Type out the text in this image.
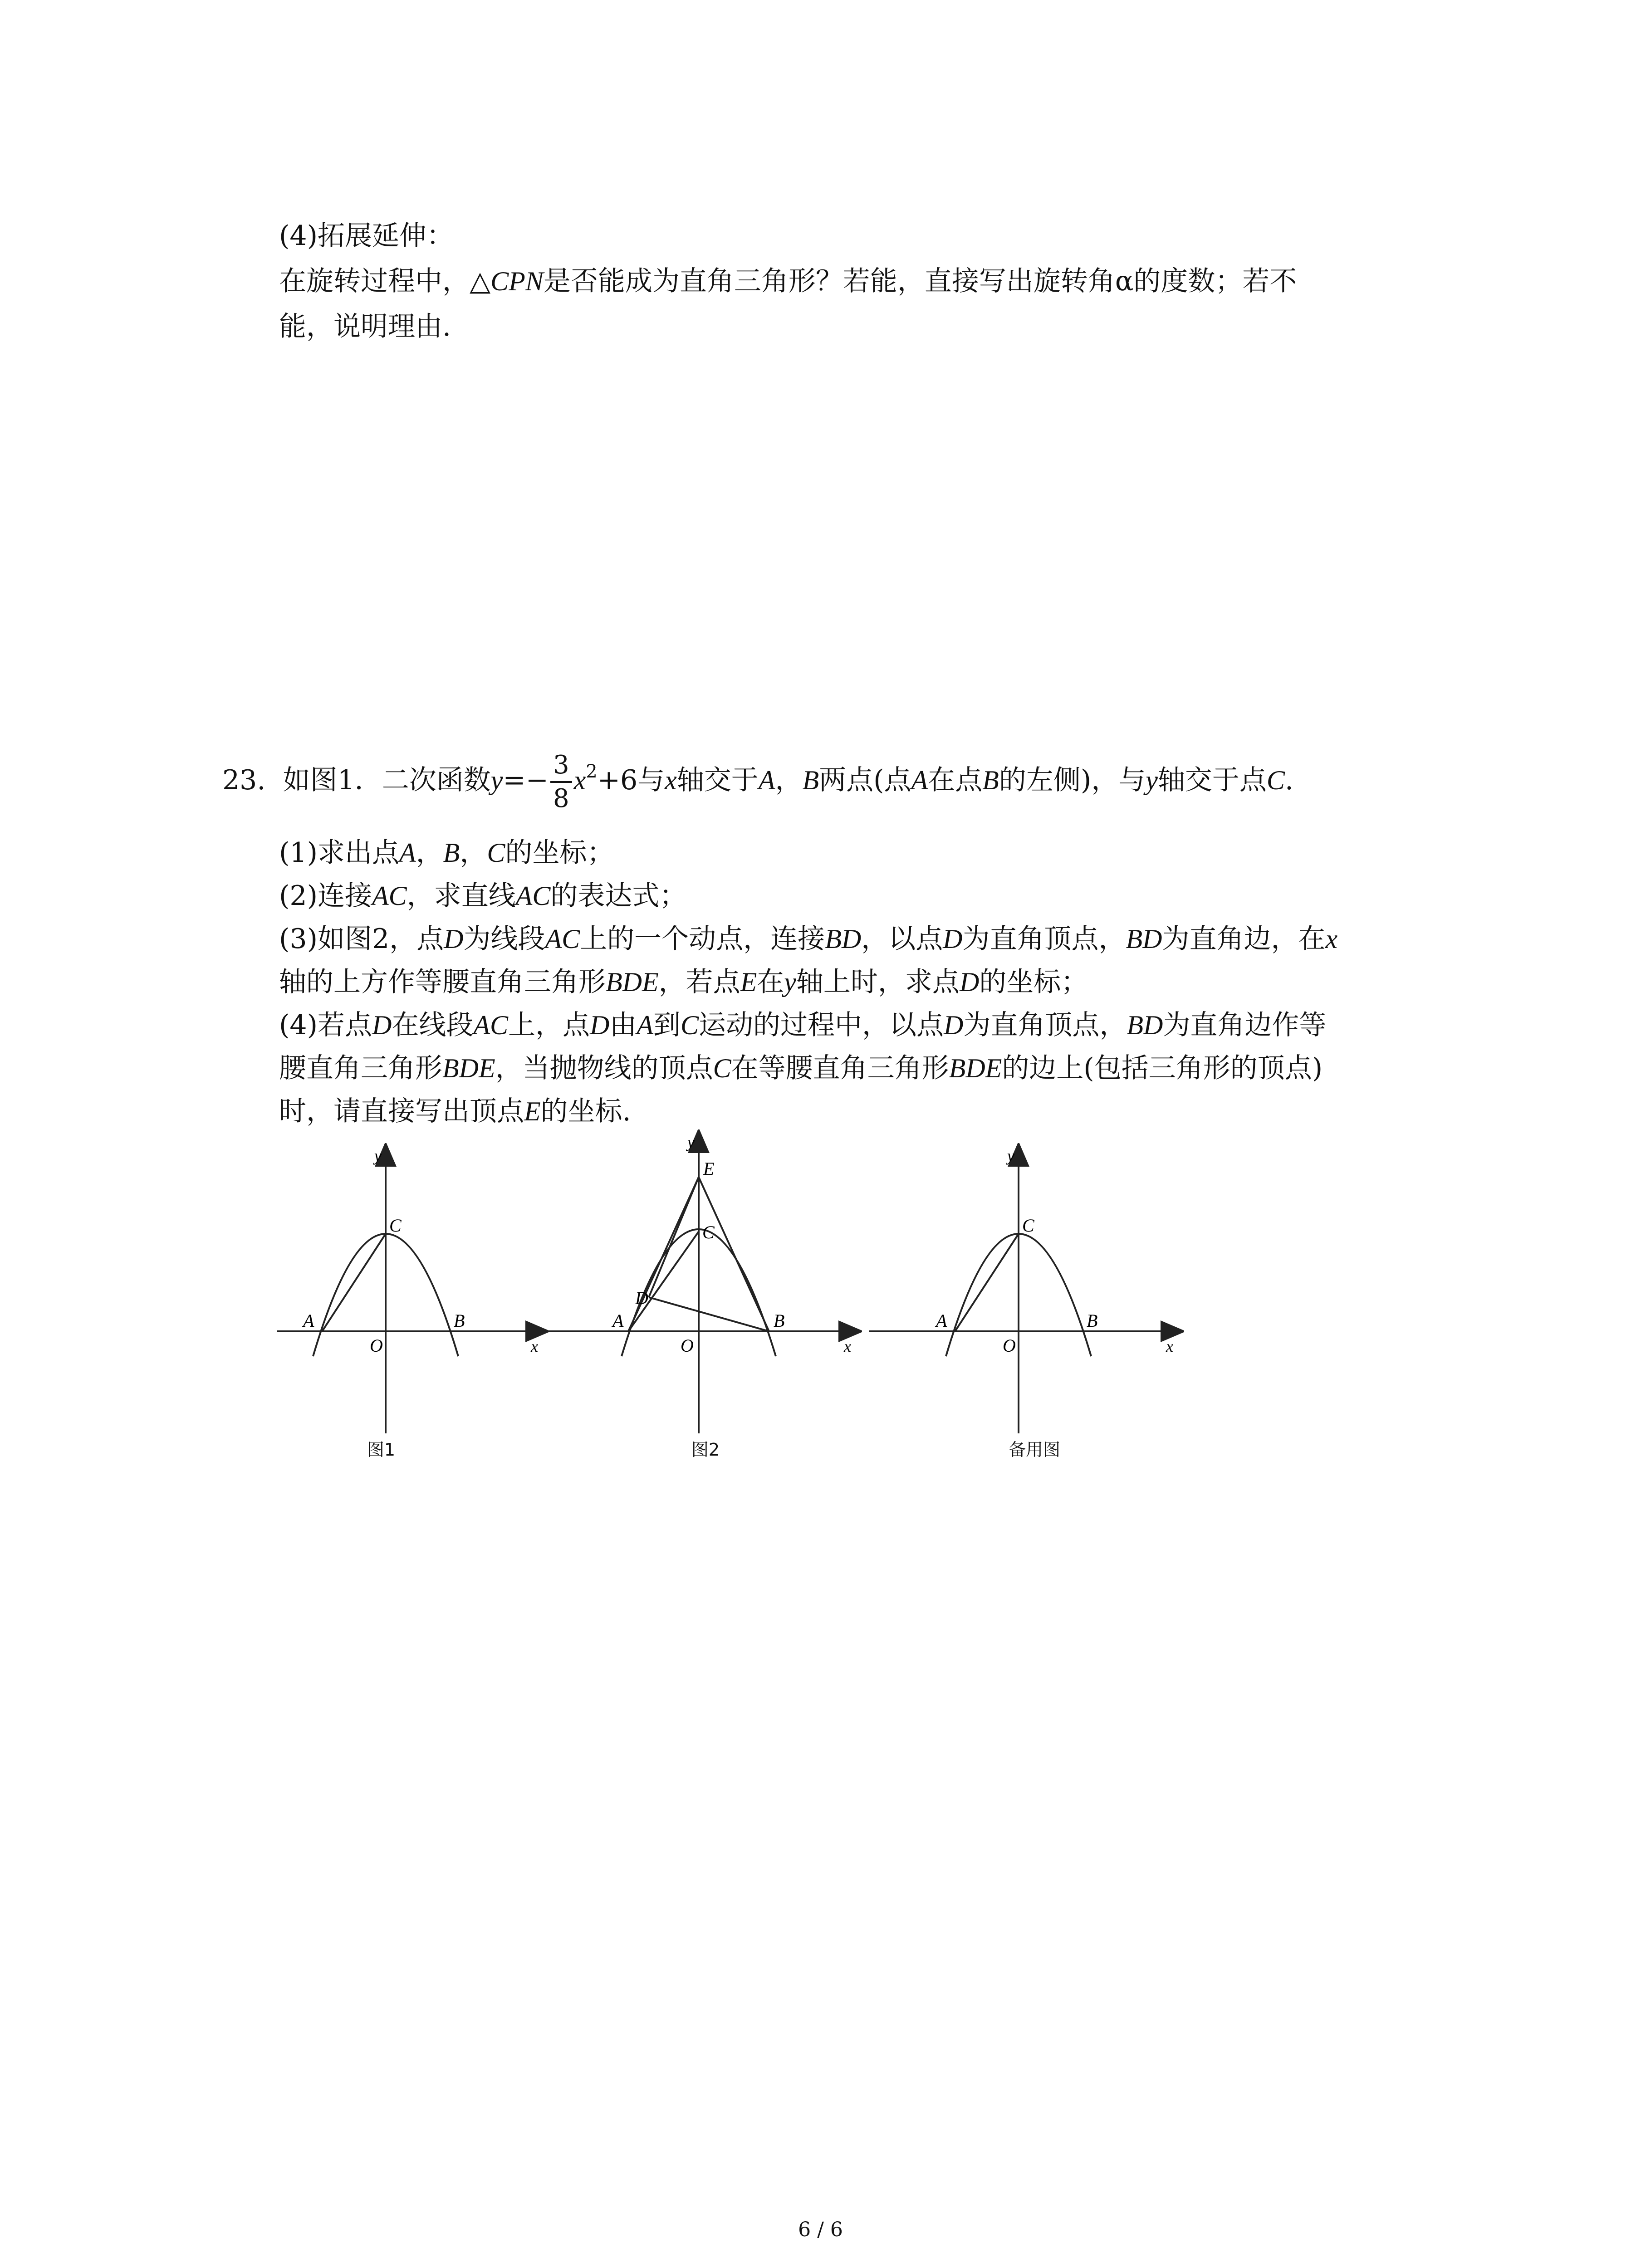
(4)拓展延伸：
在旋转过程中，△CPN是否能成为直角三角形？若能，直接写出旋转角α的度数；若不
能，说明理由.
23. 如图1．二次函数$y=- \frac{3}{8} x^2+6$与x轴交于A，B两点(点A在点B的左侧)，与y轴交于点C.
(1)求出点A，B，C的坐标；
(2)连接AC，求直线AC的表达式；
(3)如图2，点D为线段AC上的一个动点，连接BD，以点D为直角顶点，BD为直角边，在x
轴的上方作等腰直角三角形BDE，若点E在y轴上时，求点D的坐标；
(4)若点D在线段AC上，点D由A到C运动的过程中，以点D为直角顶点，BD为直角边作等
腰直角三角形BDE，当抛物线的顶点C在等腰直角三角形BDE的边上(包括三角形的顶点)
时，请直接写出顶点E的坐标.
y
x
C
A	B
O
图1
y
x
E
C
D
A	B
O
图2
y
x
C
A	B
O
备用图
6 / 6
